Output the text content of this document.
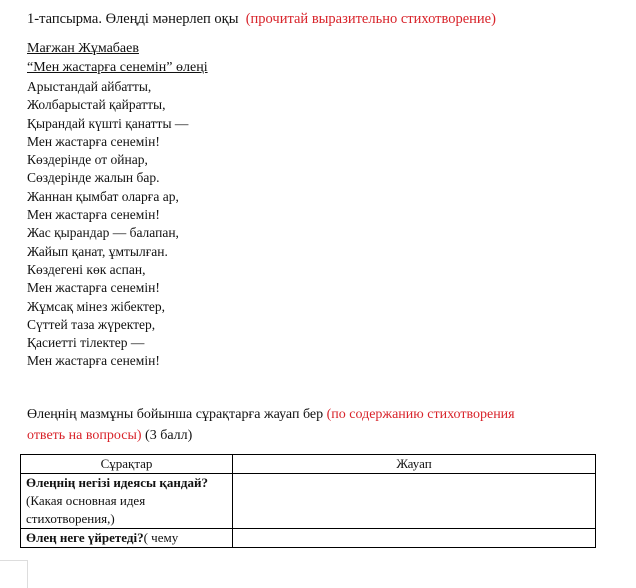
1-тапсырма. Өлеңді мәнерлеп оқы (прочитай выразительно стихотворение)
Мағжан Жұмабаев
“Мен жастарға сенемін” өлеңі
Арыстандай айбатты,
Жолбарыстай қайратты,
Қырандай күшті қанатты —
Мен жастарға сенемін!
Көздерінде от ойнар,
Сөздерінде жалын бар.
Жаннан қымбат оларға ар,
Мен жастарға сенемін!
Жас қырандар — балапан,
Жайып қанат, ұмтылған.
Көздегені көк аспан,
Мен жастарға сенемін!
Жұмсақ мінез жібектер,
Сүттей таза жүректер,
Қасиетті тілектер —
Мен жастарға сенемін!
Өлеңнің мазмұны бойынша сұрақтарға жауап бер (по содержанию стихотворения
ответь на вопросы) (3 балл)
Сұрақтар	Жауап
Өлеңнің негізі идеясы қандай? (Какая основная идея стихотворения,)	
Өлең неге үйретеді?( чему	
